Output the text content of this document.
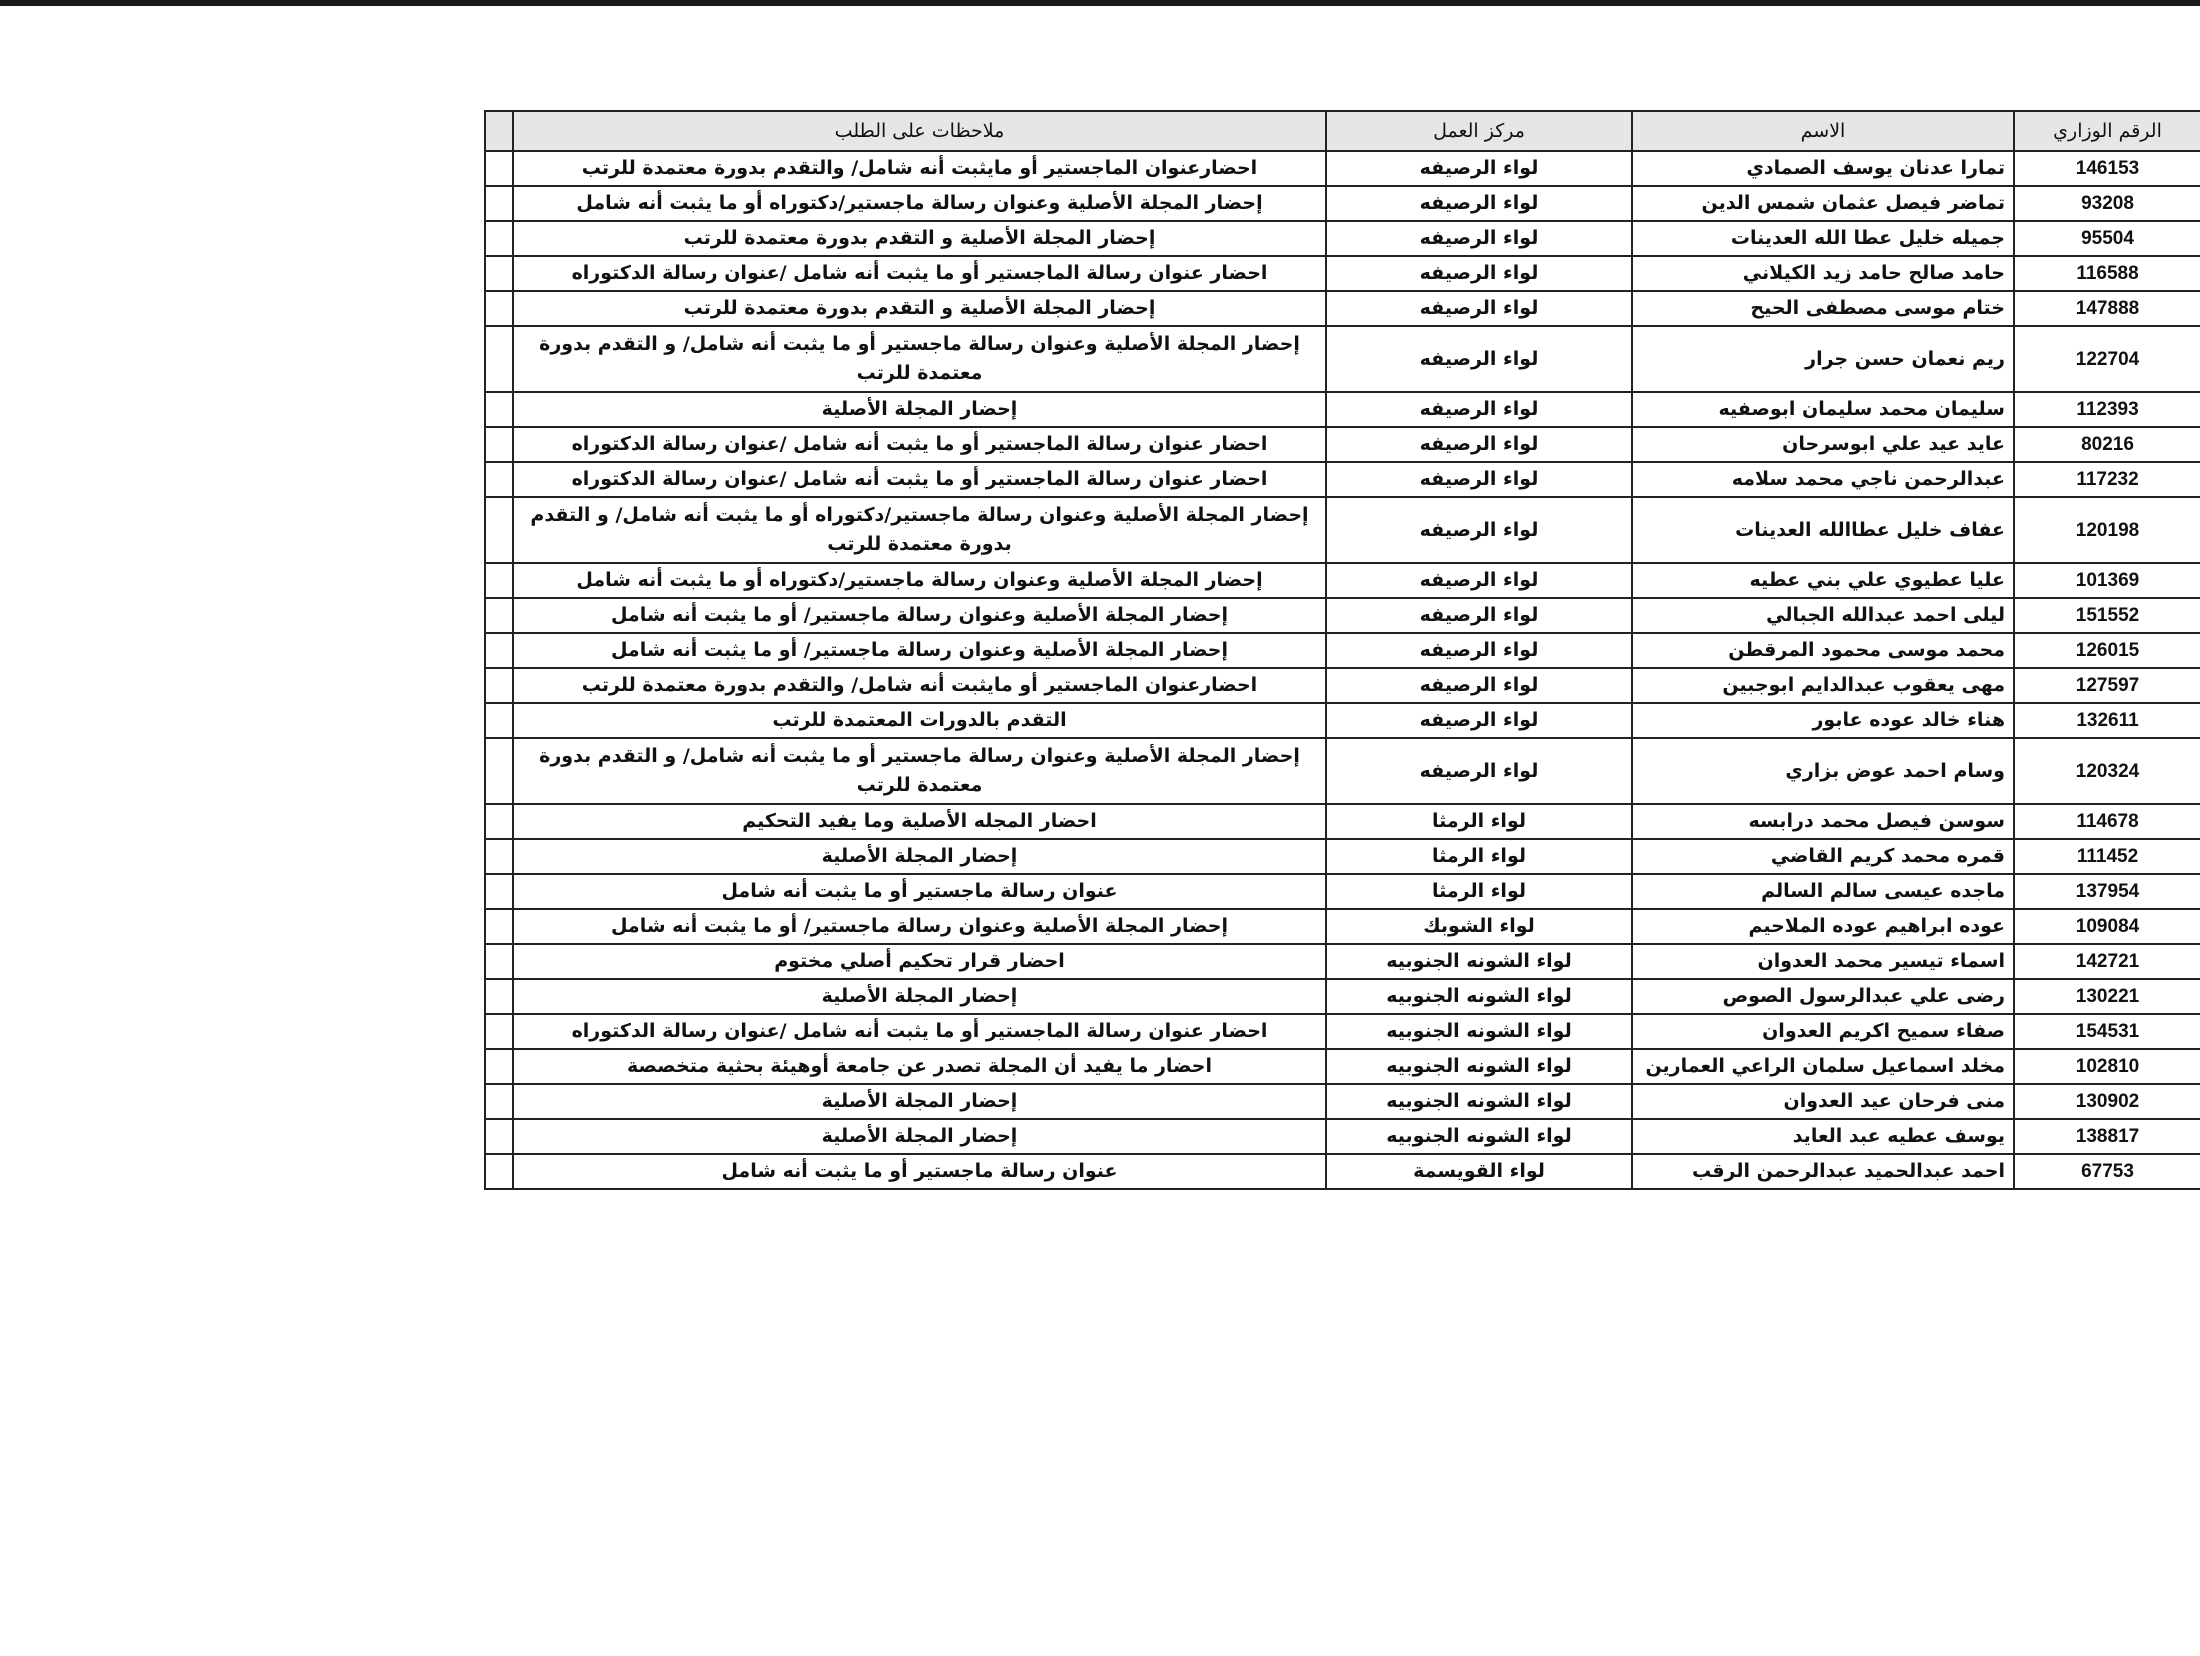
الرقم الوزاري	الاسم	مركز العمل	ملاحظات على الطلب	
146153	تمارا عدنان يوسف الصمادي	لواء الرصيفه	احضارعنوان الماجستير أو مايثبت أنه شامل/ والتقدم بدورة معتمدة للرتب	
93208	تماضر فيصل عثمان شمس الدين	لواء الرصيفه	إحضار المجلة الأصلية وعنوان رسالة ماجستير/دكتوراه أو ما يثبت أنه شامل	
95504	جميله خليل عطا الله العدينات	لواء الرصيفه	إحضار المجلة الأصلية و التقدم بدورة معتمدة للرتب	
116588	حامد صالح حامد زيد الكيلاني	لواء الرصيفه	احضار عنوان رسالة الماجستير أو ما يثبت أنه شامل /عنوان رسالة الدكتوراه	
147888	ختام موسى مصطفى الحيح	لواء الرصيفه	إحضار المجلة الأصلية و التقدم بدورة معتمدة للرتب	
122704	ريم نعمان حسن جرار	لواء الرصيفه	إحضار المجلة الأصلية وعنوان رسالة ماجستير أو ما يثبت أنه شامل/ و التقدم بدورة معتمدة للرتب	
112393	سليمان محمد سليمان ابوصفيه	لواء الرصيفه	إحضار المجلة الأصلية	
80216	عايد عيد علي ابوسرحان	لواء الرصيفه	احضار عنوان رسالة الماجستير أو ما يثبت أنه شامل /عنوان رسالة الدكتوراه	
117232	عبدالرحمن ناجي محمد سلامه	لواء الرصيفه	احضار عنوان رسالة الماجستير أو ما يثبت أنه شامل /عنوان رسالة الدكتوراه	
120198	عفاف خليل عطاالله العدينات	لواء الرصيفه	إحضار المجلة الأصلية وعنوان رسالة ماجستير/دكتوراه أو ما يثبت أنه شامل/ و التقدم بدورة معتمدة للرتب	
101369	عليا عطيوي علي بني عطيه	لواء الرصيفه	إحضار المجلة الأصلية وعنوان رسالة ماجستير/دكتوراه أو ما يثبت أنه شامل	
151552	ليلى احمد عبدالله الجبالي	لواء الرصيفه	إحضار المجلة الأصلية وعنوان رسالة ماجستير/ أو ما يثبت أنه شامل	
126015	محمد موسى محمود المرقطن	لواء الرصيفه	إحضار المجلة الأصلية وعنوان رسالة ماجستير/ أو ما يثبت أنه شامل	
127597	مهى يعقوب عبدالدايم ابوجبين	لواء الرصيفه	احضارعنوان الماجستير أو مايثبت أنه شامل/ والتقدم بدورة معتمدة للرتب	
132611	هناء خالد عوده عابور	لواء الرصيفه	التقدم بالدورات المعتمدة للرتب	
120324	وسام احمد عوض بزاري	لواء الرصيفه	إحضار المجلة الأصلية وعنوان رسالة ماجستير أو ما يثبت أنه شامل/ و التقدم بدورة معتمدة للرتب	
114678	سوسن فيصل محمد درابسه	لواء الرمثا	احضار المجله الأصلية وما يفيد التحكيم	
111452	قمره محمد كريم القاضي	لواء الرمثا	إحضار المجلة الأصلية	
137954	ماجده عيسى سالم السالم	لواء الرمثا	عنوان رسالة ماجستير أو ما يثبت أنه شامل	
109084	عوده ابراهيم عوده الملاحيم	لواء الشوبك	إحضار المجلة الأصلية وعنوان رسالة ماجستير/ أو ما يثبت أنه شامل	
142721	اسماء تيسير محمد العدوان	لواء الشونه الجنوبيه	احضار قرار تحكيم أصلي مختوم	
130221	رضى علي عبدالرسول الصوص	لواء الشونه الجنوبيه	إحضار المجلة الأصلية	
154531	صفاء سميح اكريم العدوان	لواء الشونه الجنوبيه	احضار عنوان رسالة الماجستير أو ما يثبت أنه شامل /عنوان رسالة الدكتوراه	
102810	مخلد اسماعيل سلمان الراعي العمارين	لواء الشونه الجنوبيه	احضار ما يفيد أن المجلة تصدر عن جامعة أوهيئة بحثية متخصصة	
130902	منى فرحان عيد العدوان	لواء الشونه الجنوبيه	إحضار المجلة الأصلية	
138817	يوسف عطيه عبد العايد	لواء الشونه الجنوبيه	إحضار المجلة الأصلية	
67753	احمد عبدالحميد عبدالرحمن الرقب	لواء القويسمة	عنوان رسالة ماجستير أو ما يثبت أنه شامل	
